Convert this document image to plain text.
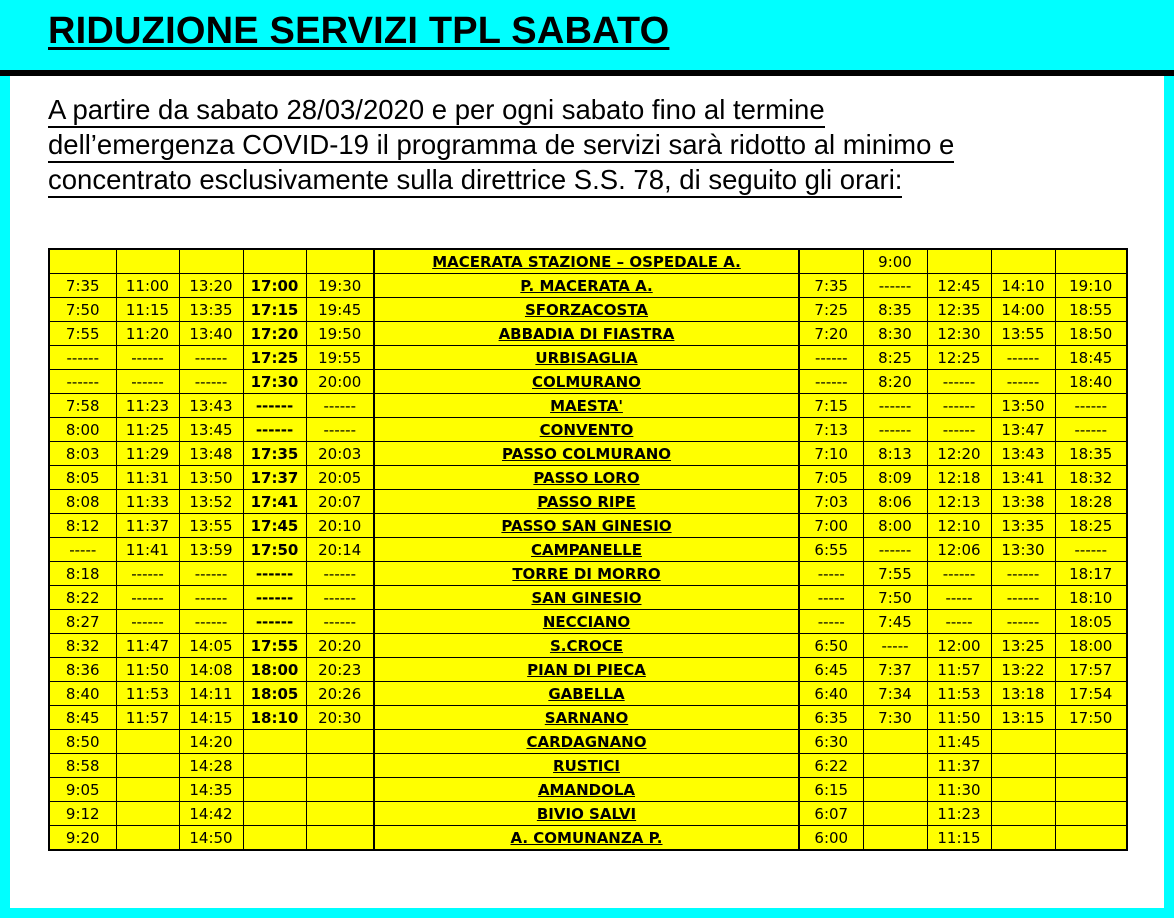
RIDUZIONE SERVIZI TPL SABATO
A partire da sabato 28/03/2020 e per ogni sabato fino al termine
dell’emergenza COVID-19 il programma de servizi sarà ridotto al minimo e
concentrato esclusivamente sulla direttrice S.S. 78, di seguito gli orari:
					MACERATA STAZIONE – OSPEDALE A.		9:00			
7:35	11:00	13:20	17:00	19:30	P. MACERATA A.	7:35	------	12:45	14:10	19:10
7:50	11:15	13:35	17:15	19:45	SFORZACOSTA	7:25	8:35	12:35	14:00	18:55
7:55	11:20	13:40	17:20	19:50	ABBADIA DI FIASTRA	7:20	8:30	12:30	13:55	18:50
------	------	------	17:25	19:55	URBISAGLIA	------	8:25	12:25	------	18:45
------	------	------	17:30	20:00	COLMURANO	------	8:20	------	------	18:40
7:58	11:23	13:43	------	------	MAESTA'	7:15	------	------	13:50	------
8:00	11:25	13:45	------	------	CONVENTO	7:13	------	------	13:47	------
8:03	11:29	13:48	17:35	20:03	PASSO COLMURANO	7:10	8:13	12:20	13:43	18:35
8:05	11:31	13:50	17:37	20:05	PASSO LORO	7:05	8:09	12:18	13:41	18:32
8:08	11:33	13:52	17:41	20:07	PASSO RIPE	7:03	8:06	12:13	13:38	18:28
8:12	11:37	13:55	17:45	20:10	PASSO SAN GINESIO	7:00	8:00	12:10	13:35	18:25
-----	11:41	13:59	17:50	20:14	CAMPANELLE	6:55	------	12:06	13:30	------
8:18	------	------	------	------	TORRE DI MORRO	-----	7:55	------	------	18:17
8:22	------	------	------	------	SAN GINESIO	-----	7:50	-----	------	18:10
8:27	------	------	------	------	NECCIANO	-----	7:45	-----	------	18:05
8:32	11:47	14:05	17:55	20:20	S.CROCE	6:50	-----	12:00	13:25	18:00
8:36	11:50	14:08	18:00	20:23	PIAN DI PIECA	6:45	7:37	11:57	13:22	17:57
8:40	11:53	14:11	18:05	20:26	GABELLA	6:40	7:34	11:53	13:18	17:54
8:45	11:57	14:15	18:10	20:30	SARNANO	6:35	7:30	11:50	13:15	17:50
8:50		14:20			CARDAGNANO	6:30		11:45		
8:58		14:28			RUSTICI	6:22		11:37		
9:05		14:35			AMANDOLA	6:15		11:30		
9:12		14:42			BIVIO SALVI	6:07		11:23		
9:20		14:50			A. COMUNANZA P.	6:00		11:15		
